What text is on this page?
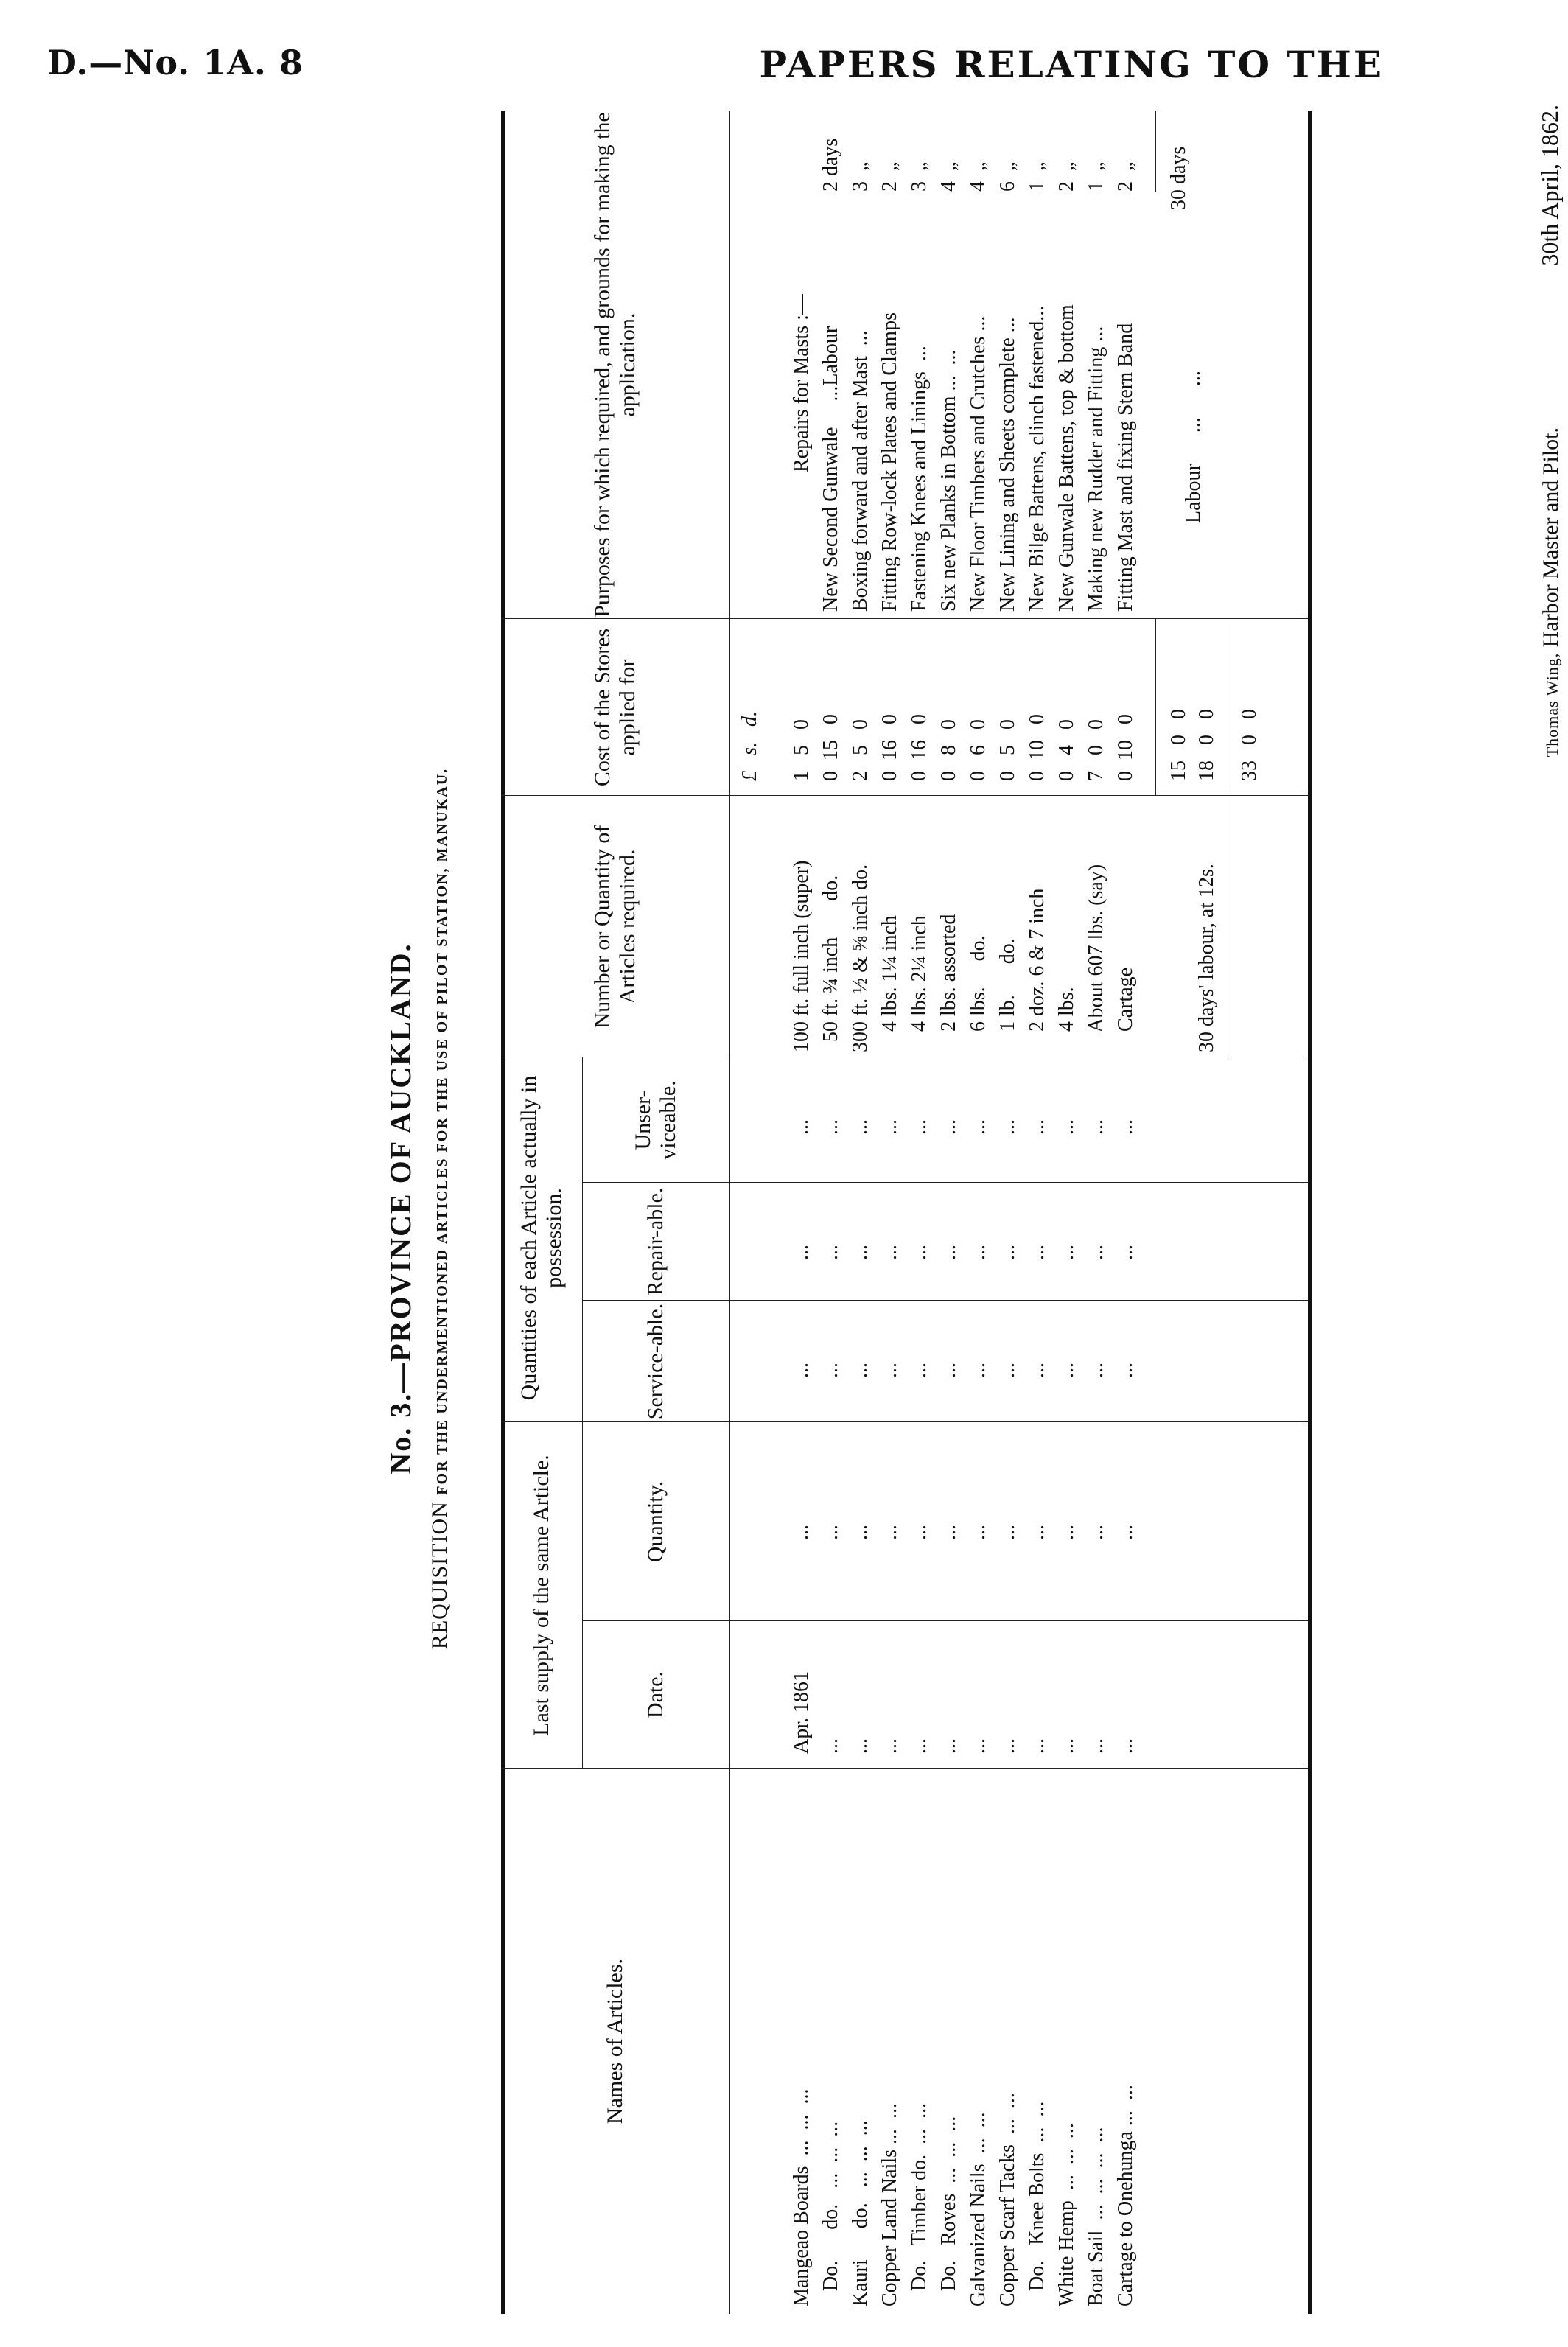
D.—No. 1A. 8	PAPERS RELATING TO THE
No. 3.—PROVINCE OF AUCKLAND.
REQUISITION FOR THE UNDERMENTIONED ARTICLES FOR THE USE OF PILOT STATION, MANUKAU.
Names of Articles.
Last supply of the same Article.	Date.
Quantity.
Quantities of each Article actually in possession.
Service-able.
Repair-able.
Unser-viceable.
Number or Quantity of Articles required.
Cost of the Stores applied for
Purposes for which required, and grounds for making the application.
£   s.   d.
Mangeao Boards  ...  ...  ...
Apr. 1861
...
...
...
...
100 ft. full inch (super)
1   5   0
Do.      do.   ...  ...  ...
...
...
...
...
...
50 ft. ¾ inch       do.
0  15   0
Kauri      do.   ...  ...  ...
...
...
...
...
...
300 ft. ½ & ⅝ inch do.
2   5   0
Copper Land Nails ...  ...
...
...
...
...
...
4 lbs. 1¼ inch
0  16   0
Do.   Timber do.  ...  ...
...
...
...
...
...
4 lbs. 2¼ inch
0  16   0
Do.   Roves  ...  ...  ...
...
...
...
...
...
2 lbs. assorted
0   8   0
Galvanized Nails  ...  ...
...
...
...
...
...
6 lbs.     do.
0   6   0
Copper Scarf Tacks  ...  ...
...
...
...
...
...
1 lb.      do.
0   5   0
Do.   Knee Bolts  ...  ...
...
...
...
...
...
2 doz. 6 & 7 inch
0  10   0
White Hemp  ...  ...  ...
...
...
...
...
...
4 lbs.
0   4   0
Boat Sail  ...  ...  ...  ...
...
...
...
...
...
About 607 lbs. (say)
7   0   0
Cartage to Onehunga ...  ...
...
...
...
...
...
Cartage
0  10   0
Repairs for Masts :— New Second Gunwale     ...Labour
2 days
Boxing forward and after Mast  ...
3  „
Fitting Row-lock Plates and Clamps
2  „
Fastening Knees and Linings  ...
3  „
Six new Planks in Bottom ...  ...
4  „
New Floor Timbers and Crutches ...
4  „
New Lining and Sheets complete ...
6  „
New Bilge Battens, clinch fastened...
1  „
New Gunwale Battens, top & bottom
2  „
Making new Rudder and Fitting ...
1  „
Fitting Mast and fixing Stern Band
2  „
15   0   0 18   0   0
30 days' labour, at 12s.
Labour      ...      ...
30 days
33   0   0
30th April, 1862.
Thomas Wing, Harbor Master and Pilot.
